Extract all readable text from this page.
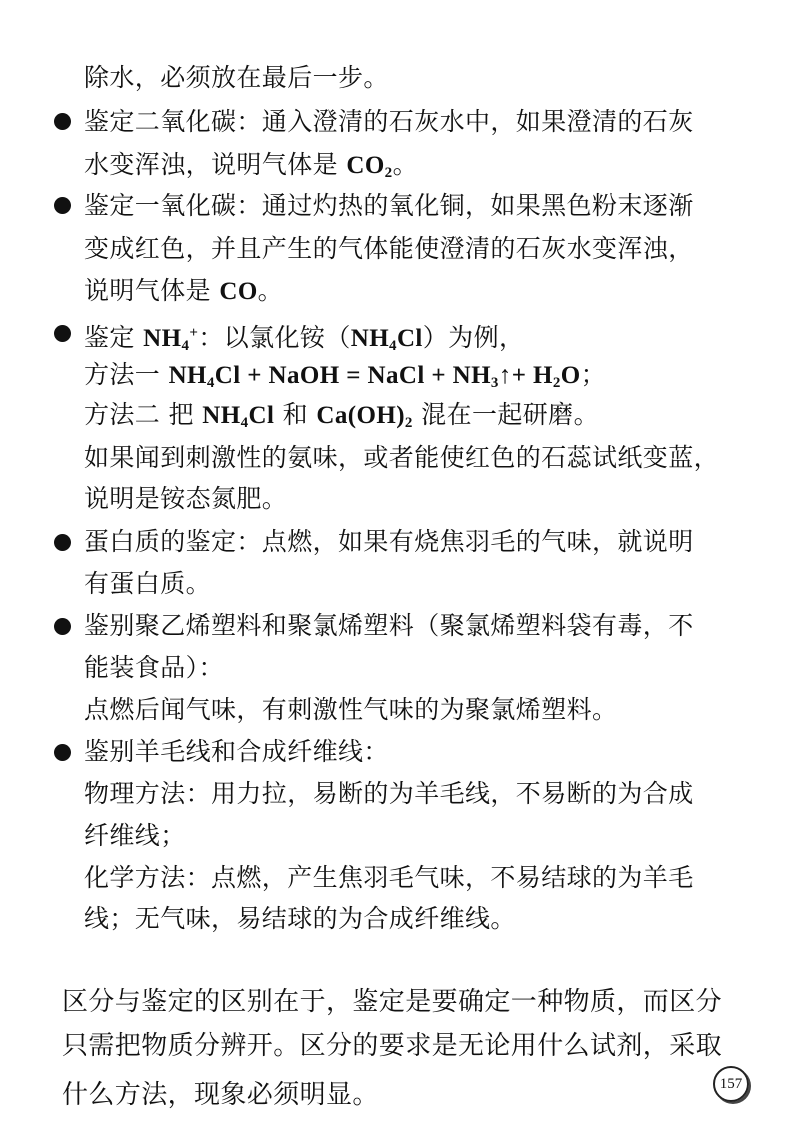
除水，必须放在最后一步。
鉴定二氧化碳：通入澄清的石灰水中，如果澄清的石灰
水变浑浊，说明气体是 $CO_2$。
鉴定一氧化碳：通过灼热的氧化铜，如果黑色粉末逐渐
变成红色，并且产生的气体能使澄清的石灰水变浑浊，
说明气体是 CO。
鉴定 $NH_4^+$：以氯化铵$(NH_4Cl)$为例，
方法一 $NH_4Cl$ + NaOH = NaCl + $NH_3↑+ H_2O$；
方法二 把 $NH_4Cl$ 和 $Ca(OH)_2$ 混在一起研磨。
如果闻到刺激性的氨味，或者能使红色的石蕊试纸变蓝，
说明是铵态氮肥。
蛋白质的鉴定：点燃，如果有烧焦羽毛的气味，就说明
有蛋白质。
鉴别聚乙烯塑料和聚氯烯塑料（聚氯烯塑料袋有毒，不
能装食品）：
点燃后闻气味，有刺激性气味的为聚氯烯塑料。
鉴别羊毛线和合成纤维线：
物理方法：用力拉，易断的为羊毛线，不易断的为合成
纤维线；
化学方法：点燃，产生焦羽毛气味，不易结球的为羊毛
线；无气味，易结球的为合成纤维线。
区分与鉴定的区别在于，鉴定是要确定一种物质，而区分
只需把物质分辨开。区分的要求是无论用什么试剂，采取
什么方法，现象必须明显。	157
